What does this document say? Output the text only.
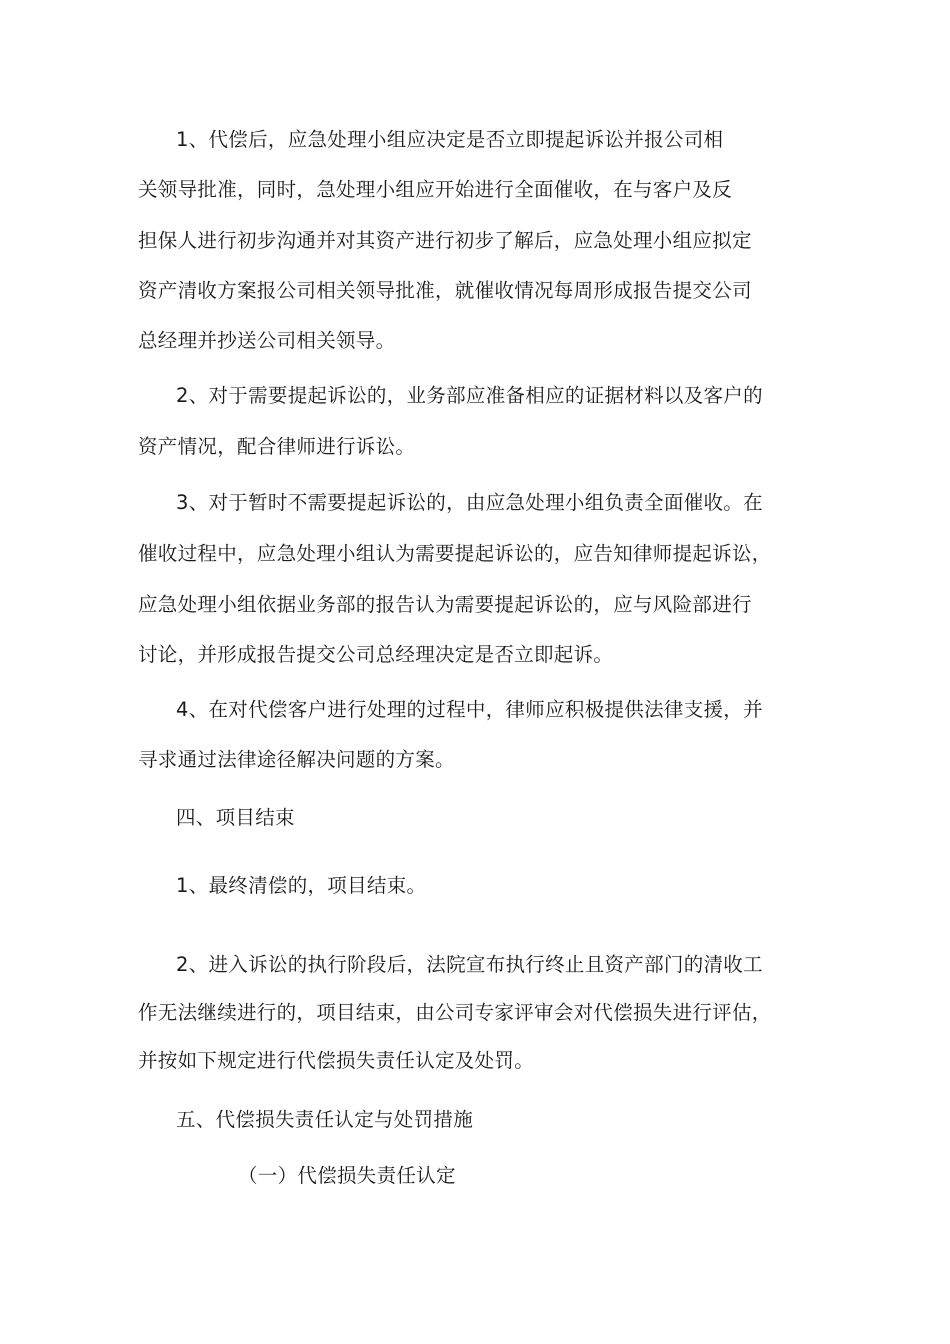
1、代偿后，应急处理小组应决定是否立即提起诉讼并报公司相
关领导批准，同时，急处理小组应开始进行全面催收，在与客户及反
担保人进行初步沟通并对其资产进行初步了解后，应急处理小组应拟定
资产清收方案报公司相关领导批准，就催收情况每周形成报告提交公司
总经理并抄送公司相关领导。
2、对于需要提起诉讼的，业务部应准备相应的证据材料以及客户的
资产情况，配合律师进行诉讼。
3、对于暂时不需要提起诉讼的，由应急处理小组负责全面催收。在
催收过程中，应急处理小组认为需要提起诉讼的，应告知律师提起诉讼，
应急处理小组依据业务部的报告认为需要提起诉讼的，应与风险部进行
讨论，并形成报告提交公司总经理决定是否立即起诉。
4、在对代偿客户进行处理的过程中，律师应积极提供法律支援，并
寻求通过法律途径解决问题的方案。
四、项目结束
1、最终清偿的，项目结束。
2、进入诉讼的执行阶段后，法院宣布执行终止且资产部门的清收工
作无法继续进行的，项目结束，由公司专家评审会对代偿损失进行评估，
并按如下规定进行代偿损失责任认定及处罚。
五、代偿损失责任认定与处罚措施
（一）代偿损失责任认定
